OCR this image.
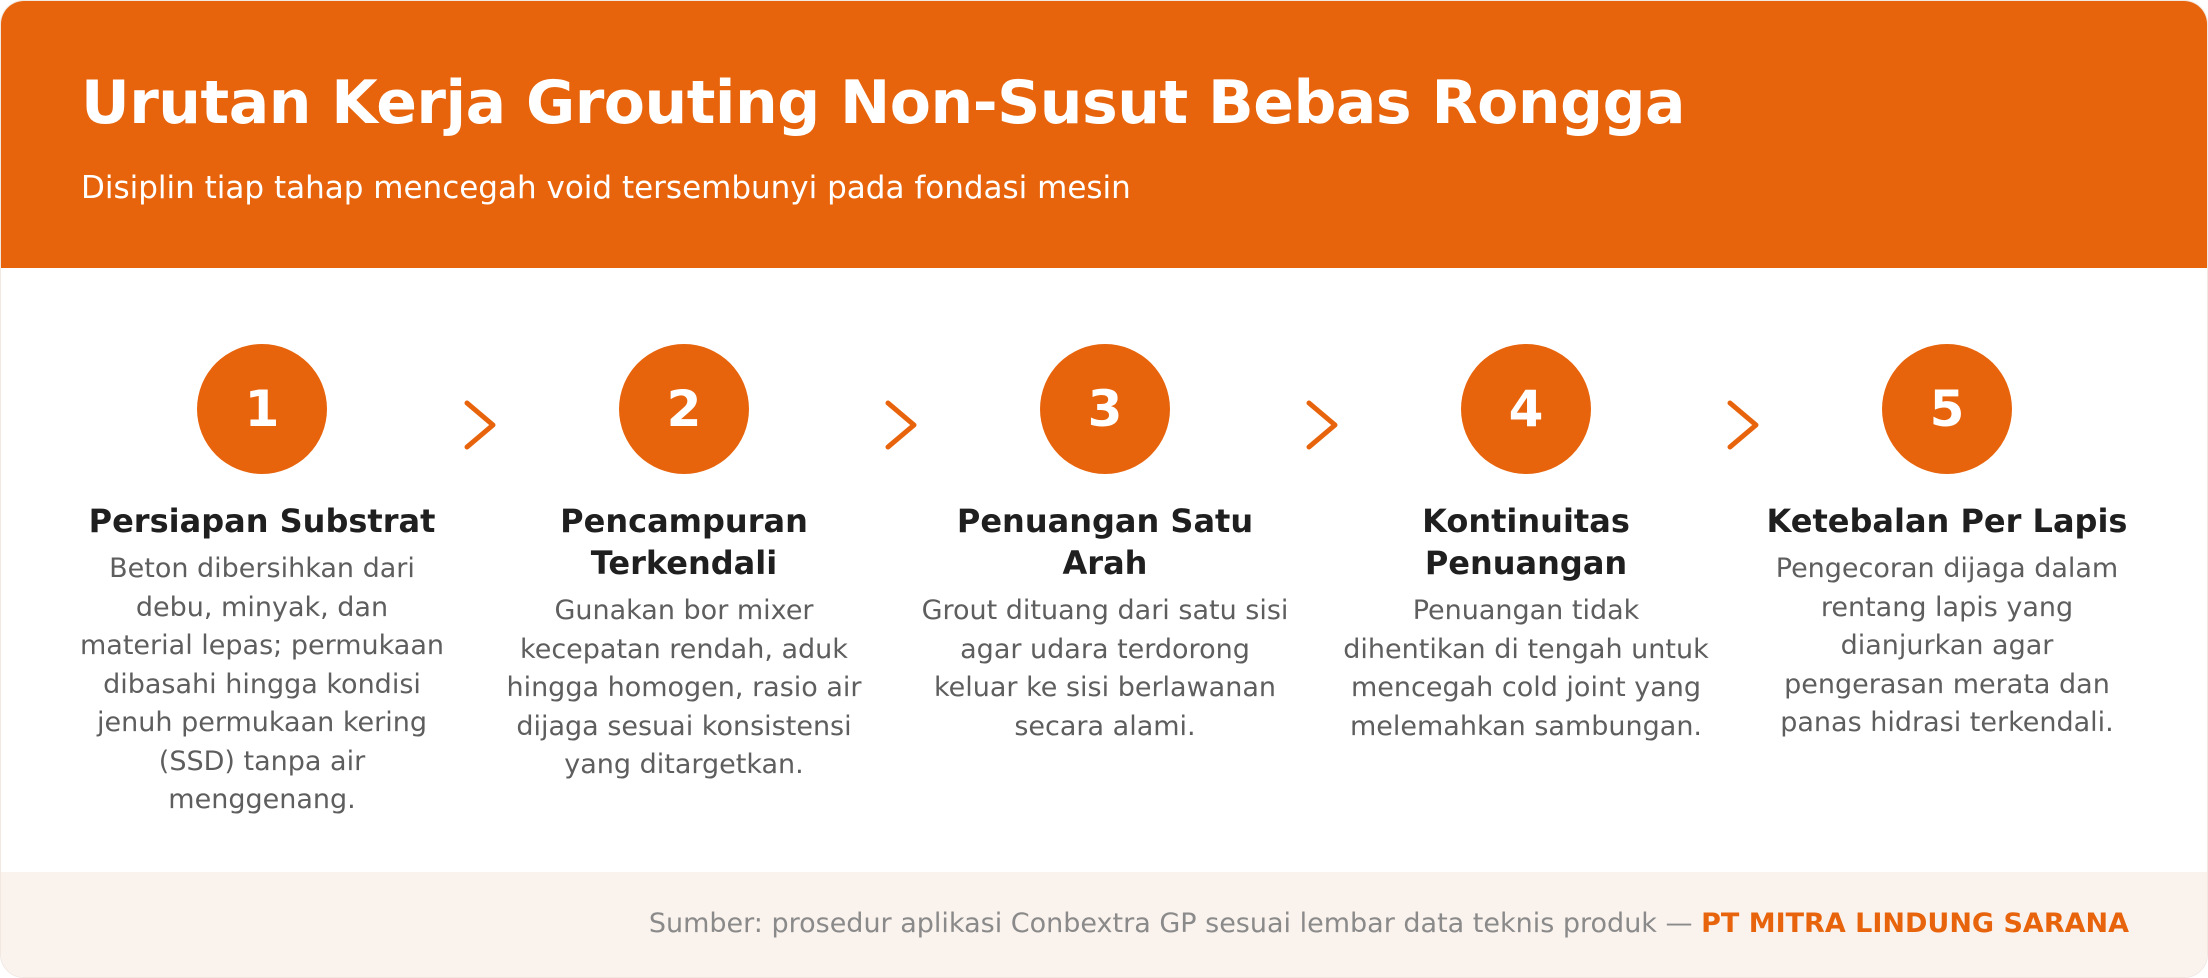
Urutan Kerja Grouting Non-Susut Bebas Rongga

Disiplin tiap tahap mencegah void tersembunyi pada fondasi mesin

1
Persiapan Substrat
Beton dibersihkan dari debu, minyak, dan material lepas; permukaan dibasahi hingga kondisi jenuh permukaan kering (SSD) tanpa air menggenang.
2
Pencampuran Terkendali
Gunakan bor mixer kecepatan rendah, aduk hingga homogen, rasio air dijaga sesuai konsistensi yang ditargetkan.
3
Penuangan Satu Arah
Grout dituang dari satu sisi agar udara terdorong keluar ke sisi berlawanan secara alami.
4
Kontinuitas Penuangan
Penuangan tidak dihentikan di tengah untuk mencegah cold joint yang melemahkan sambungan.
5
Ketebalan Per Lapis
Pengecoran dijaga dalam rentang lapis yang dianjurkan agar pengerasan merata dan panas hidrasi terkendali.

Sumber: prosedur aplikasi Conbextra GP sesuai lembar data teknis produk — PT MITRA LINDUNG SARANA
